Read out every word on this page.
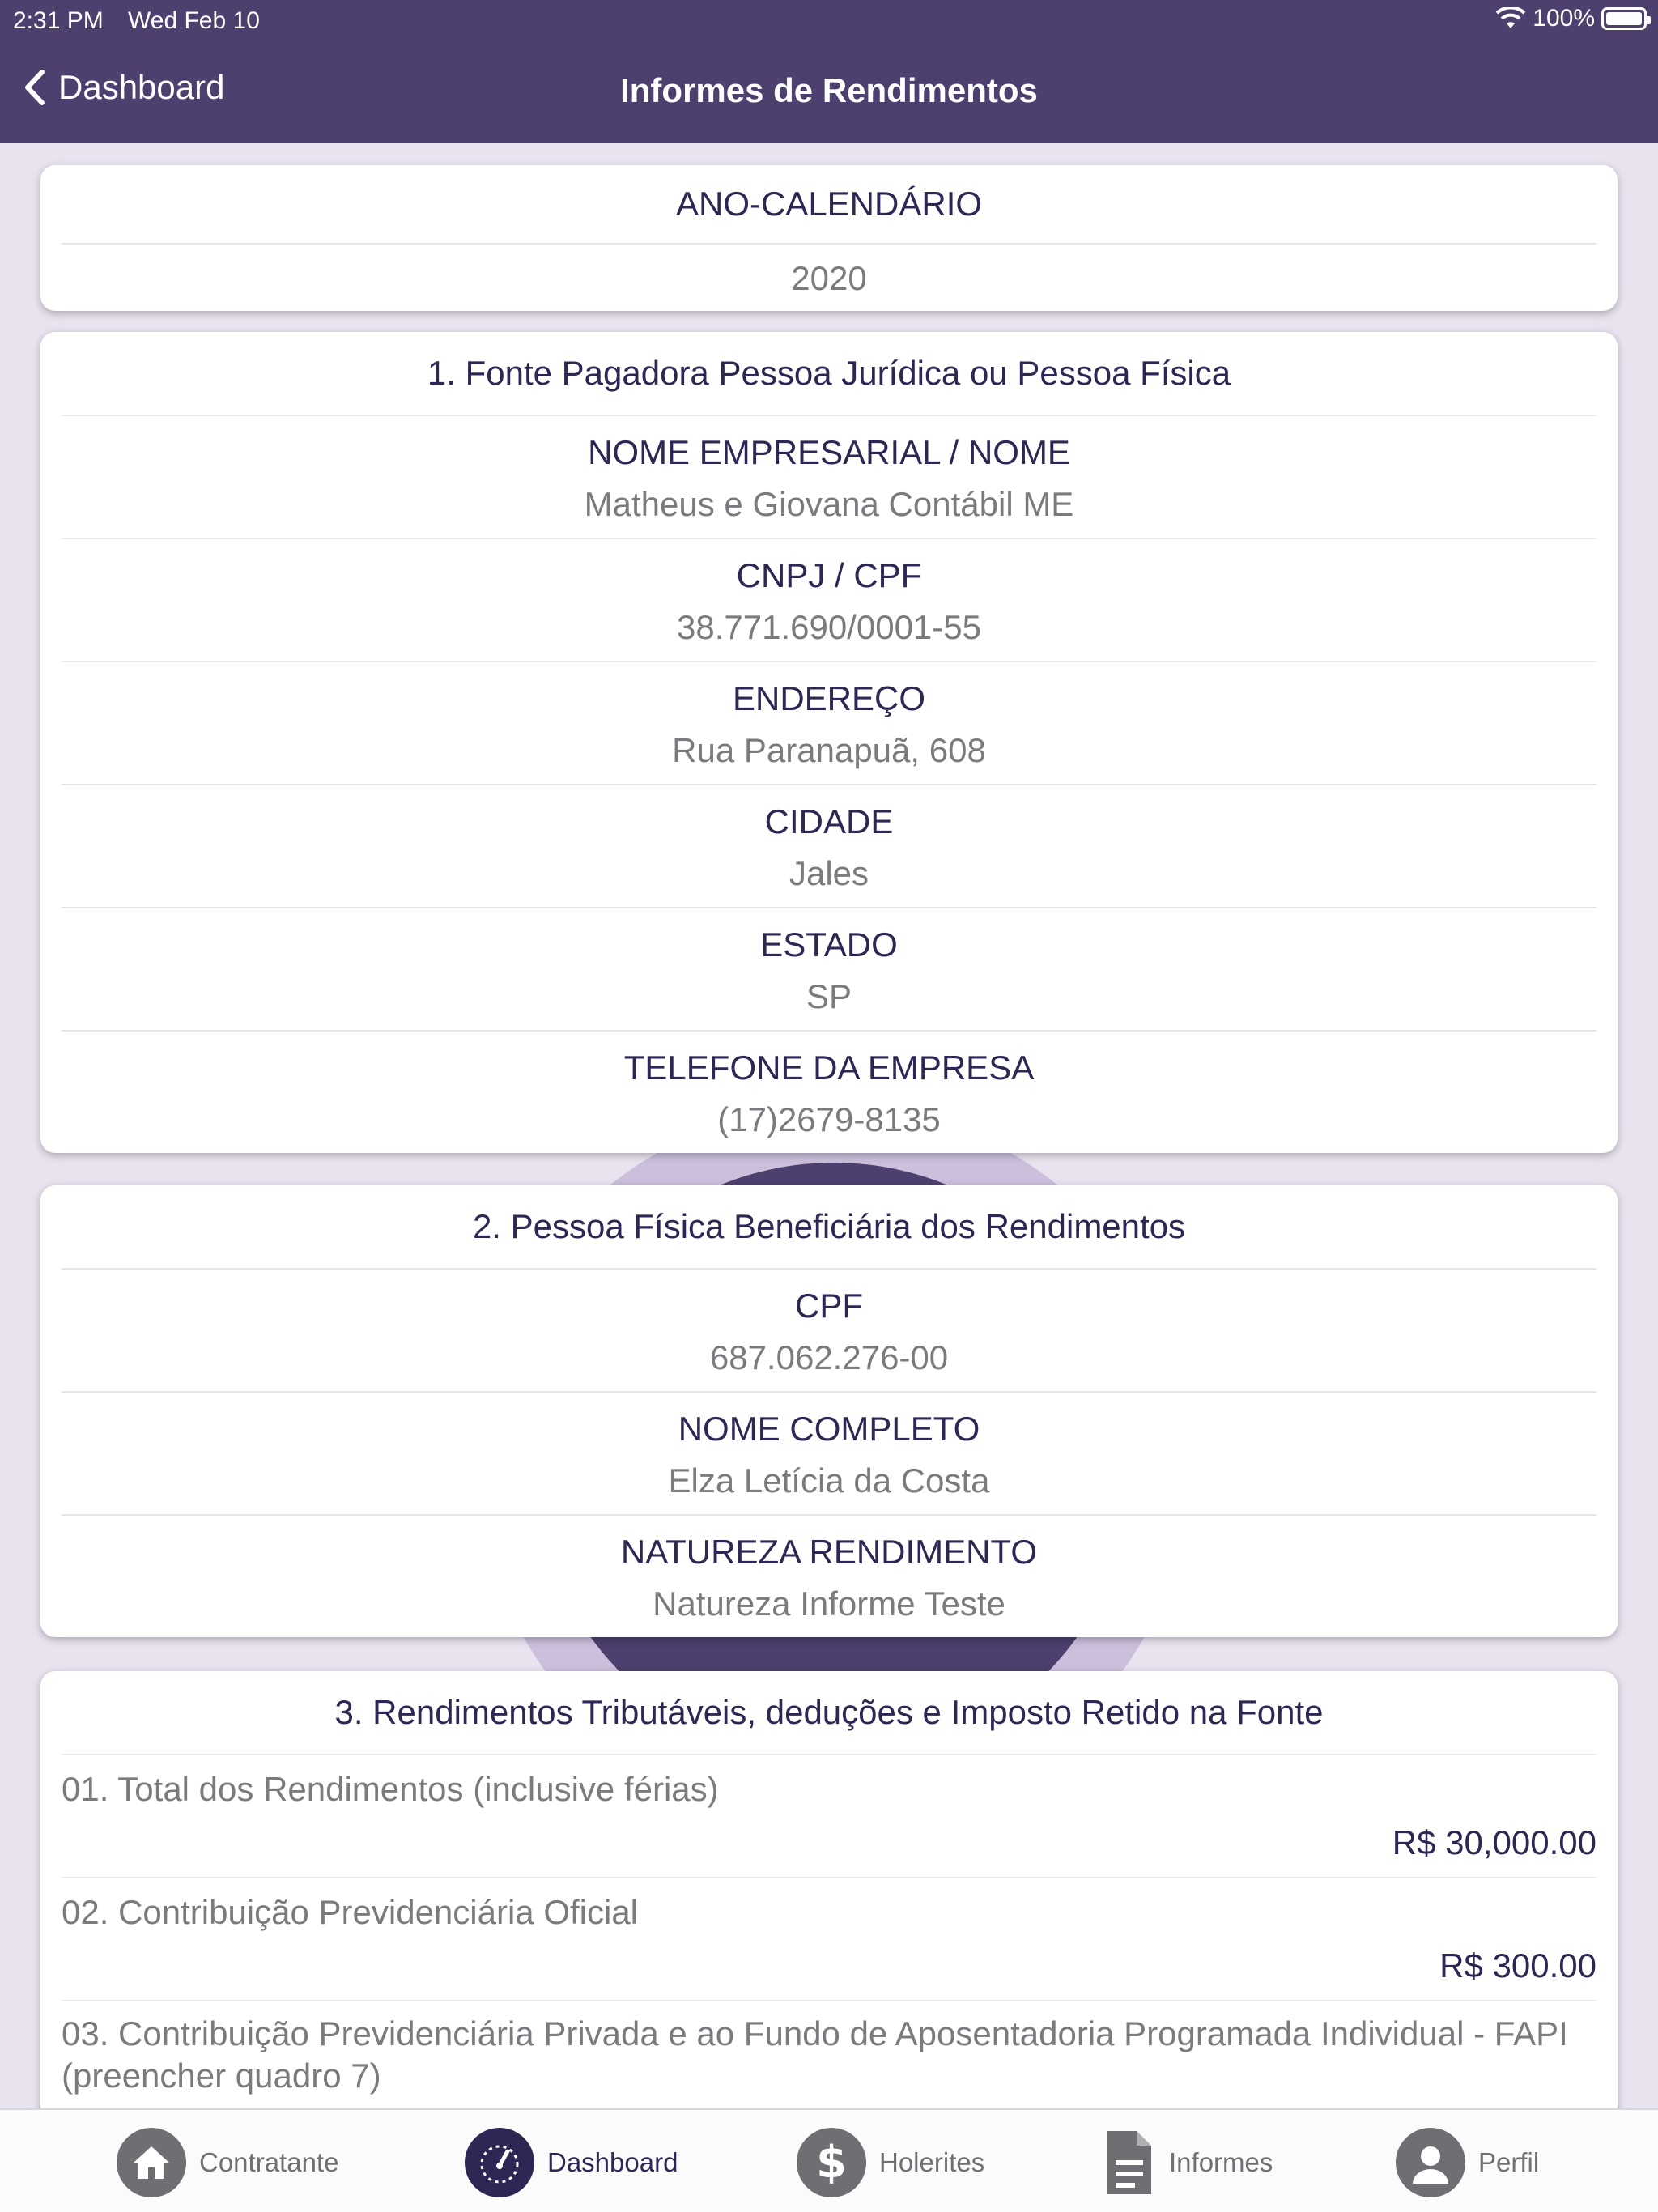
2:31 PM Wed Feb 10	100%
Dashboard	Informes de Rendimentos
ANO-CALENDÁRIO
2020
1. Fonte Pagadora Pessoa Jurídica ou Pessoa Física
NOME EMPRESARIAL / NOME
Matheus e Giovana Contábil ME
CNPJ / CPF
38.771.690/0001-55
ENDEREÇO
Rua Paranapuã, 608
CIDADE
Jales
ESTADO
SP
TELEFONE DA EMPRESA
(17)2679-8135
2. Pessoa Física Beneficiária dos Rendimentos
CPF
687.062.276-00
NOME COMPLETO
Elza Letícia da Costa
NATUREZA RENDIMENTO
Natureza Informe Teste
3. Rendimentos Tributáveis, deduções e Imposto Retido na Fonte
01. Total dos Rendimentos (inclusive férias)
R$ 30,000.00
02. Contribuição Previdenciária Oficial
R$ 300.00
03. Contribuição Previdenciária Privada e ao Fundo de Aposentadoria Programada Individual - FAPI (preencher quadro 7)
Contratante	Dashboard	$ Holerites	Informes	Perfil
